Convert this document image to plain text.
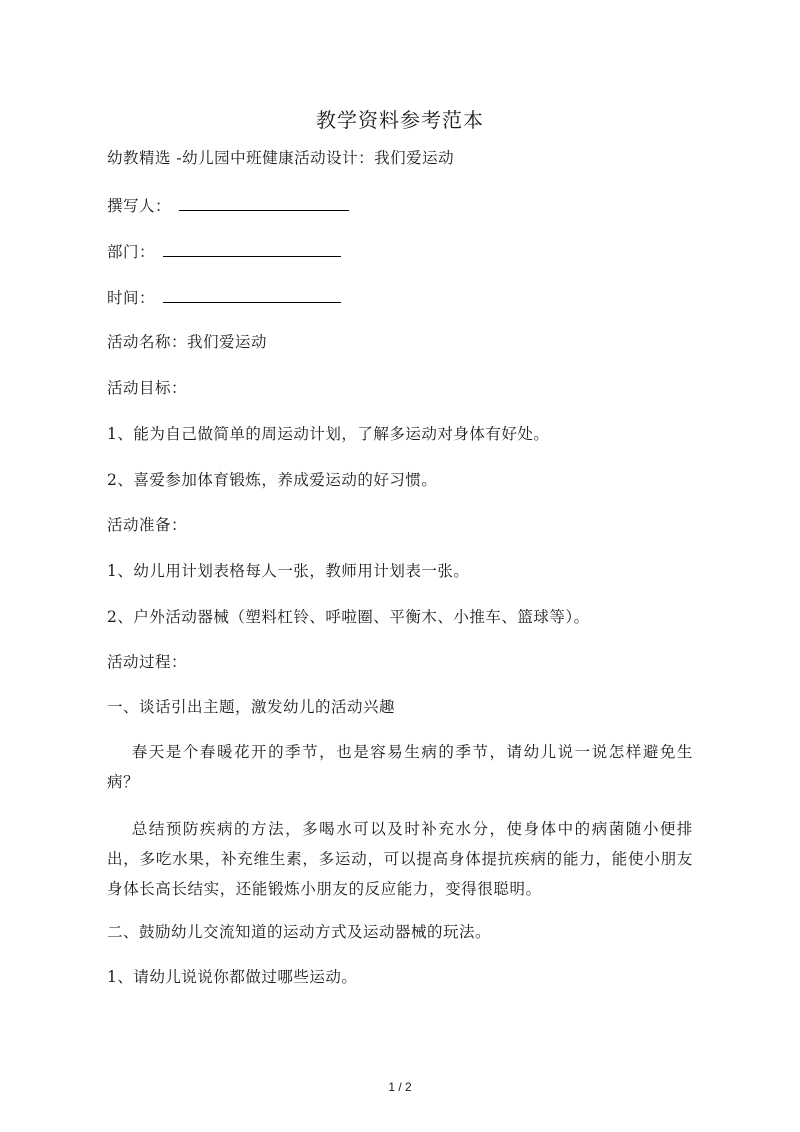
教学资料参考范本
幼教精选 -幼儿园中班健康活动设计：我们爱运动
撰写人：
部门：
时间：
活动名称：我们爱运动
活动目标：
1、能为自己做简单的周运动计划，了解多运动对身体有好处。
2、喜爱参加体育锻炼，养成爱运动的好习惯。
活动准备：
1、幼儿用计划表格每人一张，教师用计划表一张。
2、户外活动器械（塑料杠铃、呼啦圈、平衡木、小推车、篮球等）。
活动过程：
一、谈话引出主题，激发幼儿的活动兴趣
春天是个春暖花开的季节，也是容易生病的季节，请幼儿说一说怎样避免生病？
总结预防疾病的方法，多喝水可以及时补充水分，使身体中的病菌随小便排出，多吃水果，补充维生素，多运动，可以提高身体提抗疾病的能力，能使小朋友身体长高长结实，还能锻炼小朋友的反应能力，变得很聪明。
二、鼓励幼儿交流知道的运动方式及运动器械的玩法。
1、请幼儿说说你都做过哪些运动。
1 / 2
